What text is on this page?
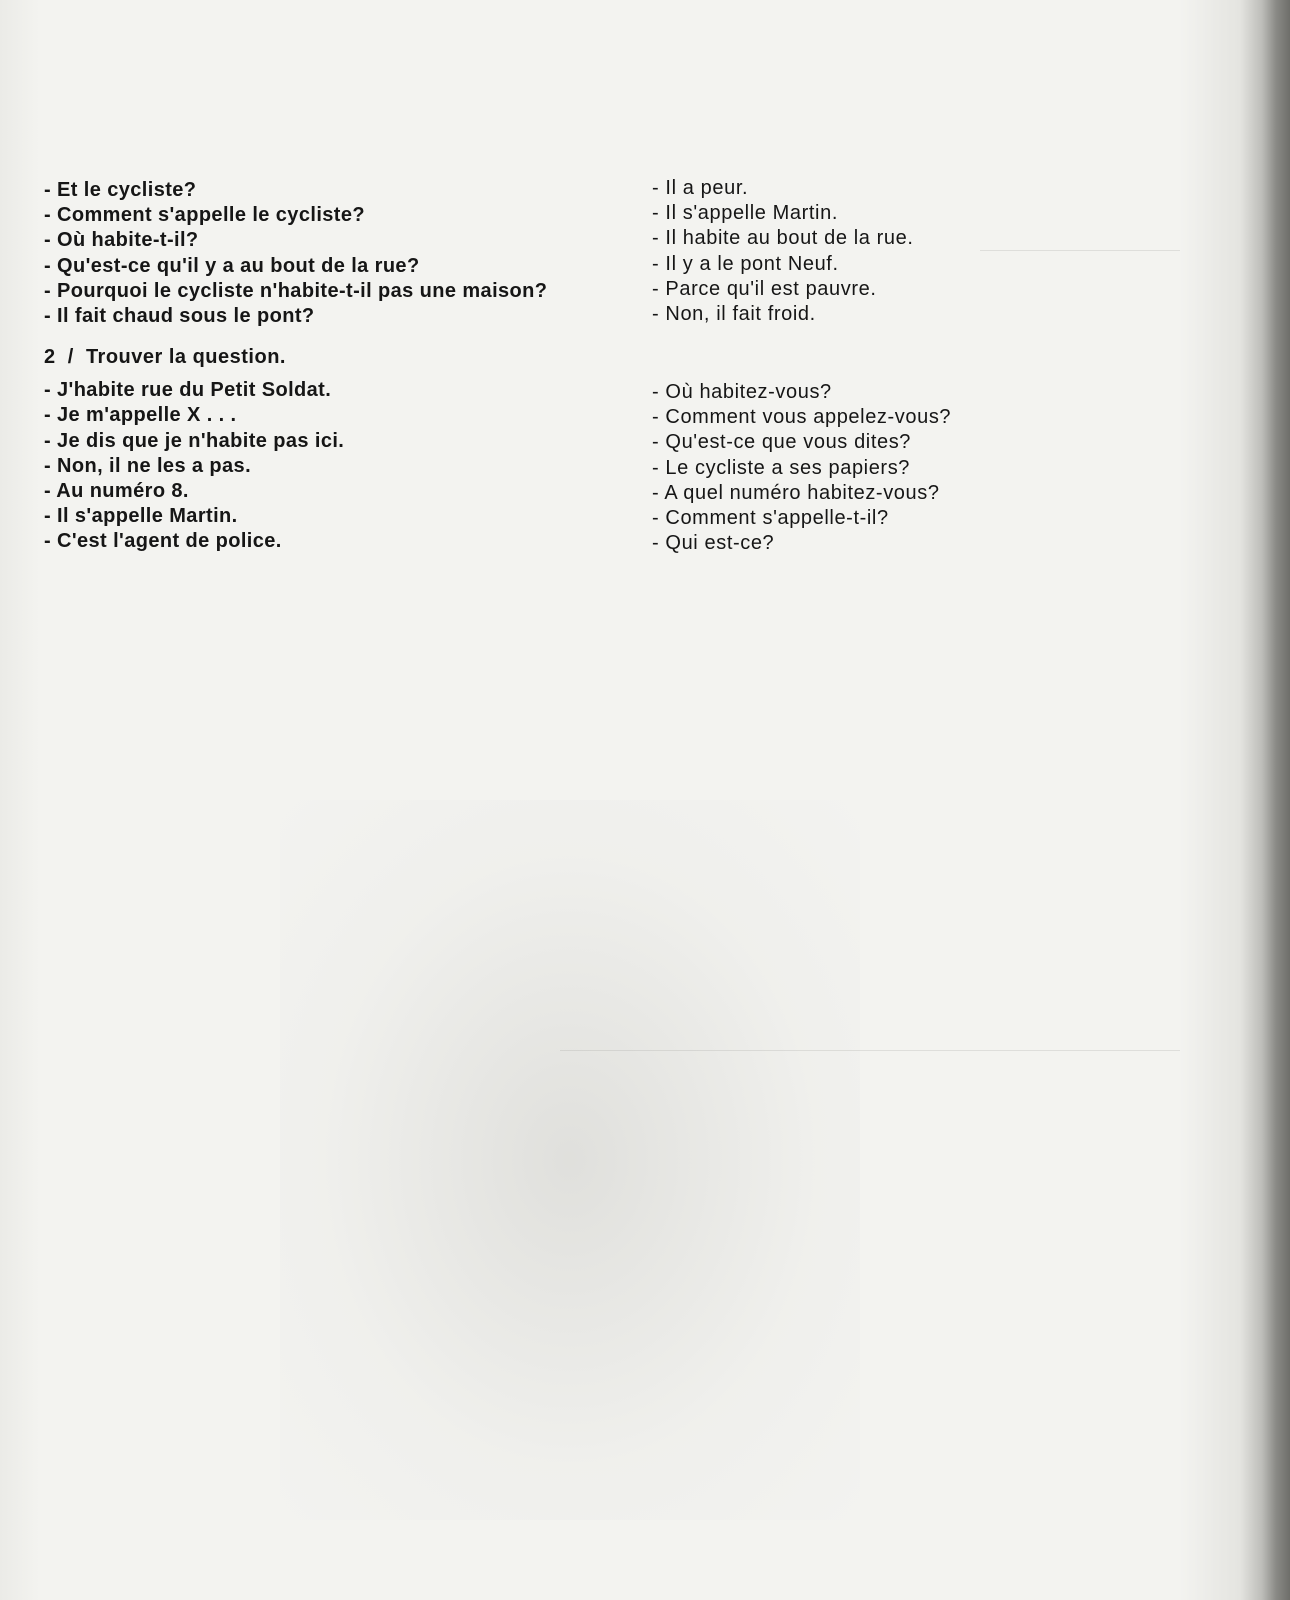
- Et le cycliste?
- Comment s'appelle le cycliste?
- Où habite-t-il?
- Qu'est-ce qu'il y a au bout de la rue?
- Pourquoi le cycliste n'habite-t-il pas une maison?
- Il fait chaud sous le pont?
2 / Trouver la question.
- J'habite rue du Petit Soldat.
- Je m'appelle X . . .
- Je dis que je n'habite pas ici.
- Non, il ne les a pas.
- Au numéro 8.
- Il s'appelle Martin.
- C'est l'agent de police.
- Il a peur.
- Il s'appelle Martin.
- Il habite au bout de la rue.
- Il y a le pont Neuf.
- Parce qu'il est pauvre.
- Non, il fait froid.
- Où habitez-vous?
- Comment vous appelez-vous?
- Qu'est-ce que vous dites?
- Le cycliste a ses papiers?
- A quel numéro habitez-vous?
- Comment s'appelle-t-il?
- Qui est-ce?
